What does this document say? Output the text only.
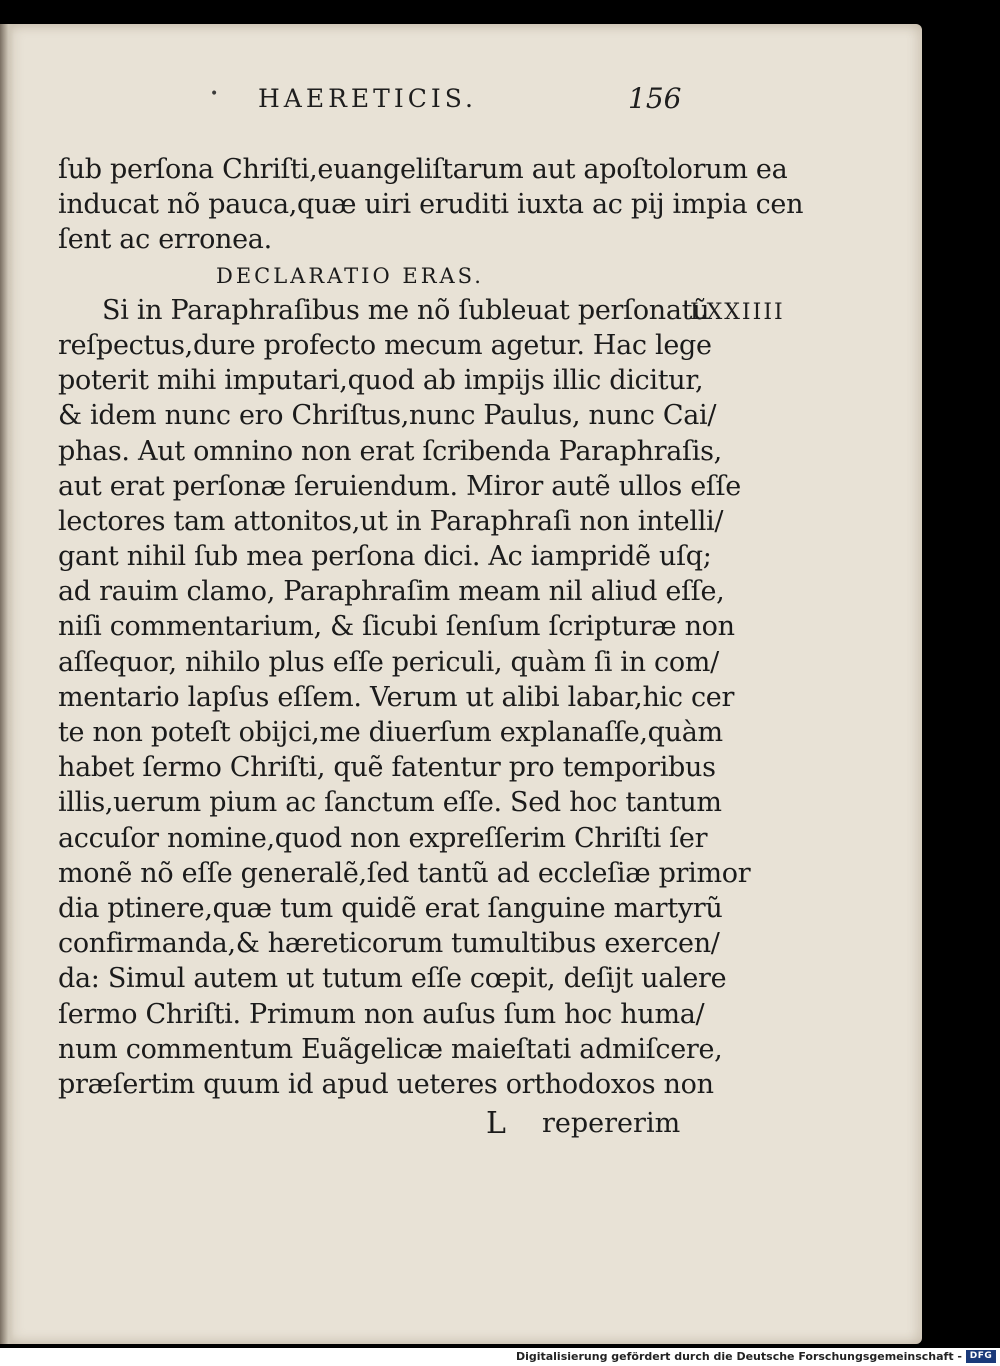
• HAERETICIS.	156
ſub perſona Chriſti,euangeliſtarum aut apoſtolorum ea
inducat nõ pauca,quæ uiri eruditi iuxta ac pij impia cen
ſent ac erronea.
DECLARATIO ERAS.
Si in Paraphraſibus me nõ ſubleuat perſonatũ
reſpectus,dure profecto mecum agetur. Hac lege
poterit mihi imputari,quod ab impijs illic dicitur,
& idem nunc ero Chriſtus,nunc Paulus, nunc Cai/
phas. Aut omnino non erat ſcribenda Paraphraſis,
aut erat perſonæ ſeruiendum. Miror autẽ ullos eſſe
lectores tam attonitos,ut in Paraphraſi non intelli/
gant nihil ſub mea perſona dici. Ac iampridẽ uſq;
ad rauim clamo, Paraphraſim meam nil aliud eſſe,
niſi commentarium, & ſicubi ſenſum ſcripturæ non
aſſequor, nihilo plus eſſe periculi, quàm ſi in com/
mentario lapſus eſſem. Verum ut alibi labar,hic cer
te non poteſt obijci,me diuerſum explanaſſe,quàm
habet ſermo Chriſti, quẽ fatentur pro temporibus
illis,uerum pium ac ſanctum eſſe. Sed hoc tantum
accuſor nomine,quod non expreſſerim Chriſti ſer
monẽ nõ eſſe generalẽ,ſed tantũ ad eccleſiæ primor
dia ptinere,quæ tum quidẽ erat ſanguine martyrũ
confirmanda,& hæreticorum tumultibus exercen/
da: Simul autem ut tutum eſſe cœpit, deſijt ualere
ſermo Chriſti. Primum non auſus ſum hoc huma/
num commentum Euãgelicæ maieſtati admiſcere,
præſertim quum id apud ueteres orthodoxos non
LXXIIII
L repererim
Digitalisierung gefördert durch die Deutsche Forschungsgemeinschaft - DFG
